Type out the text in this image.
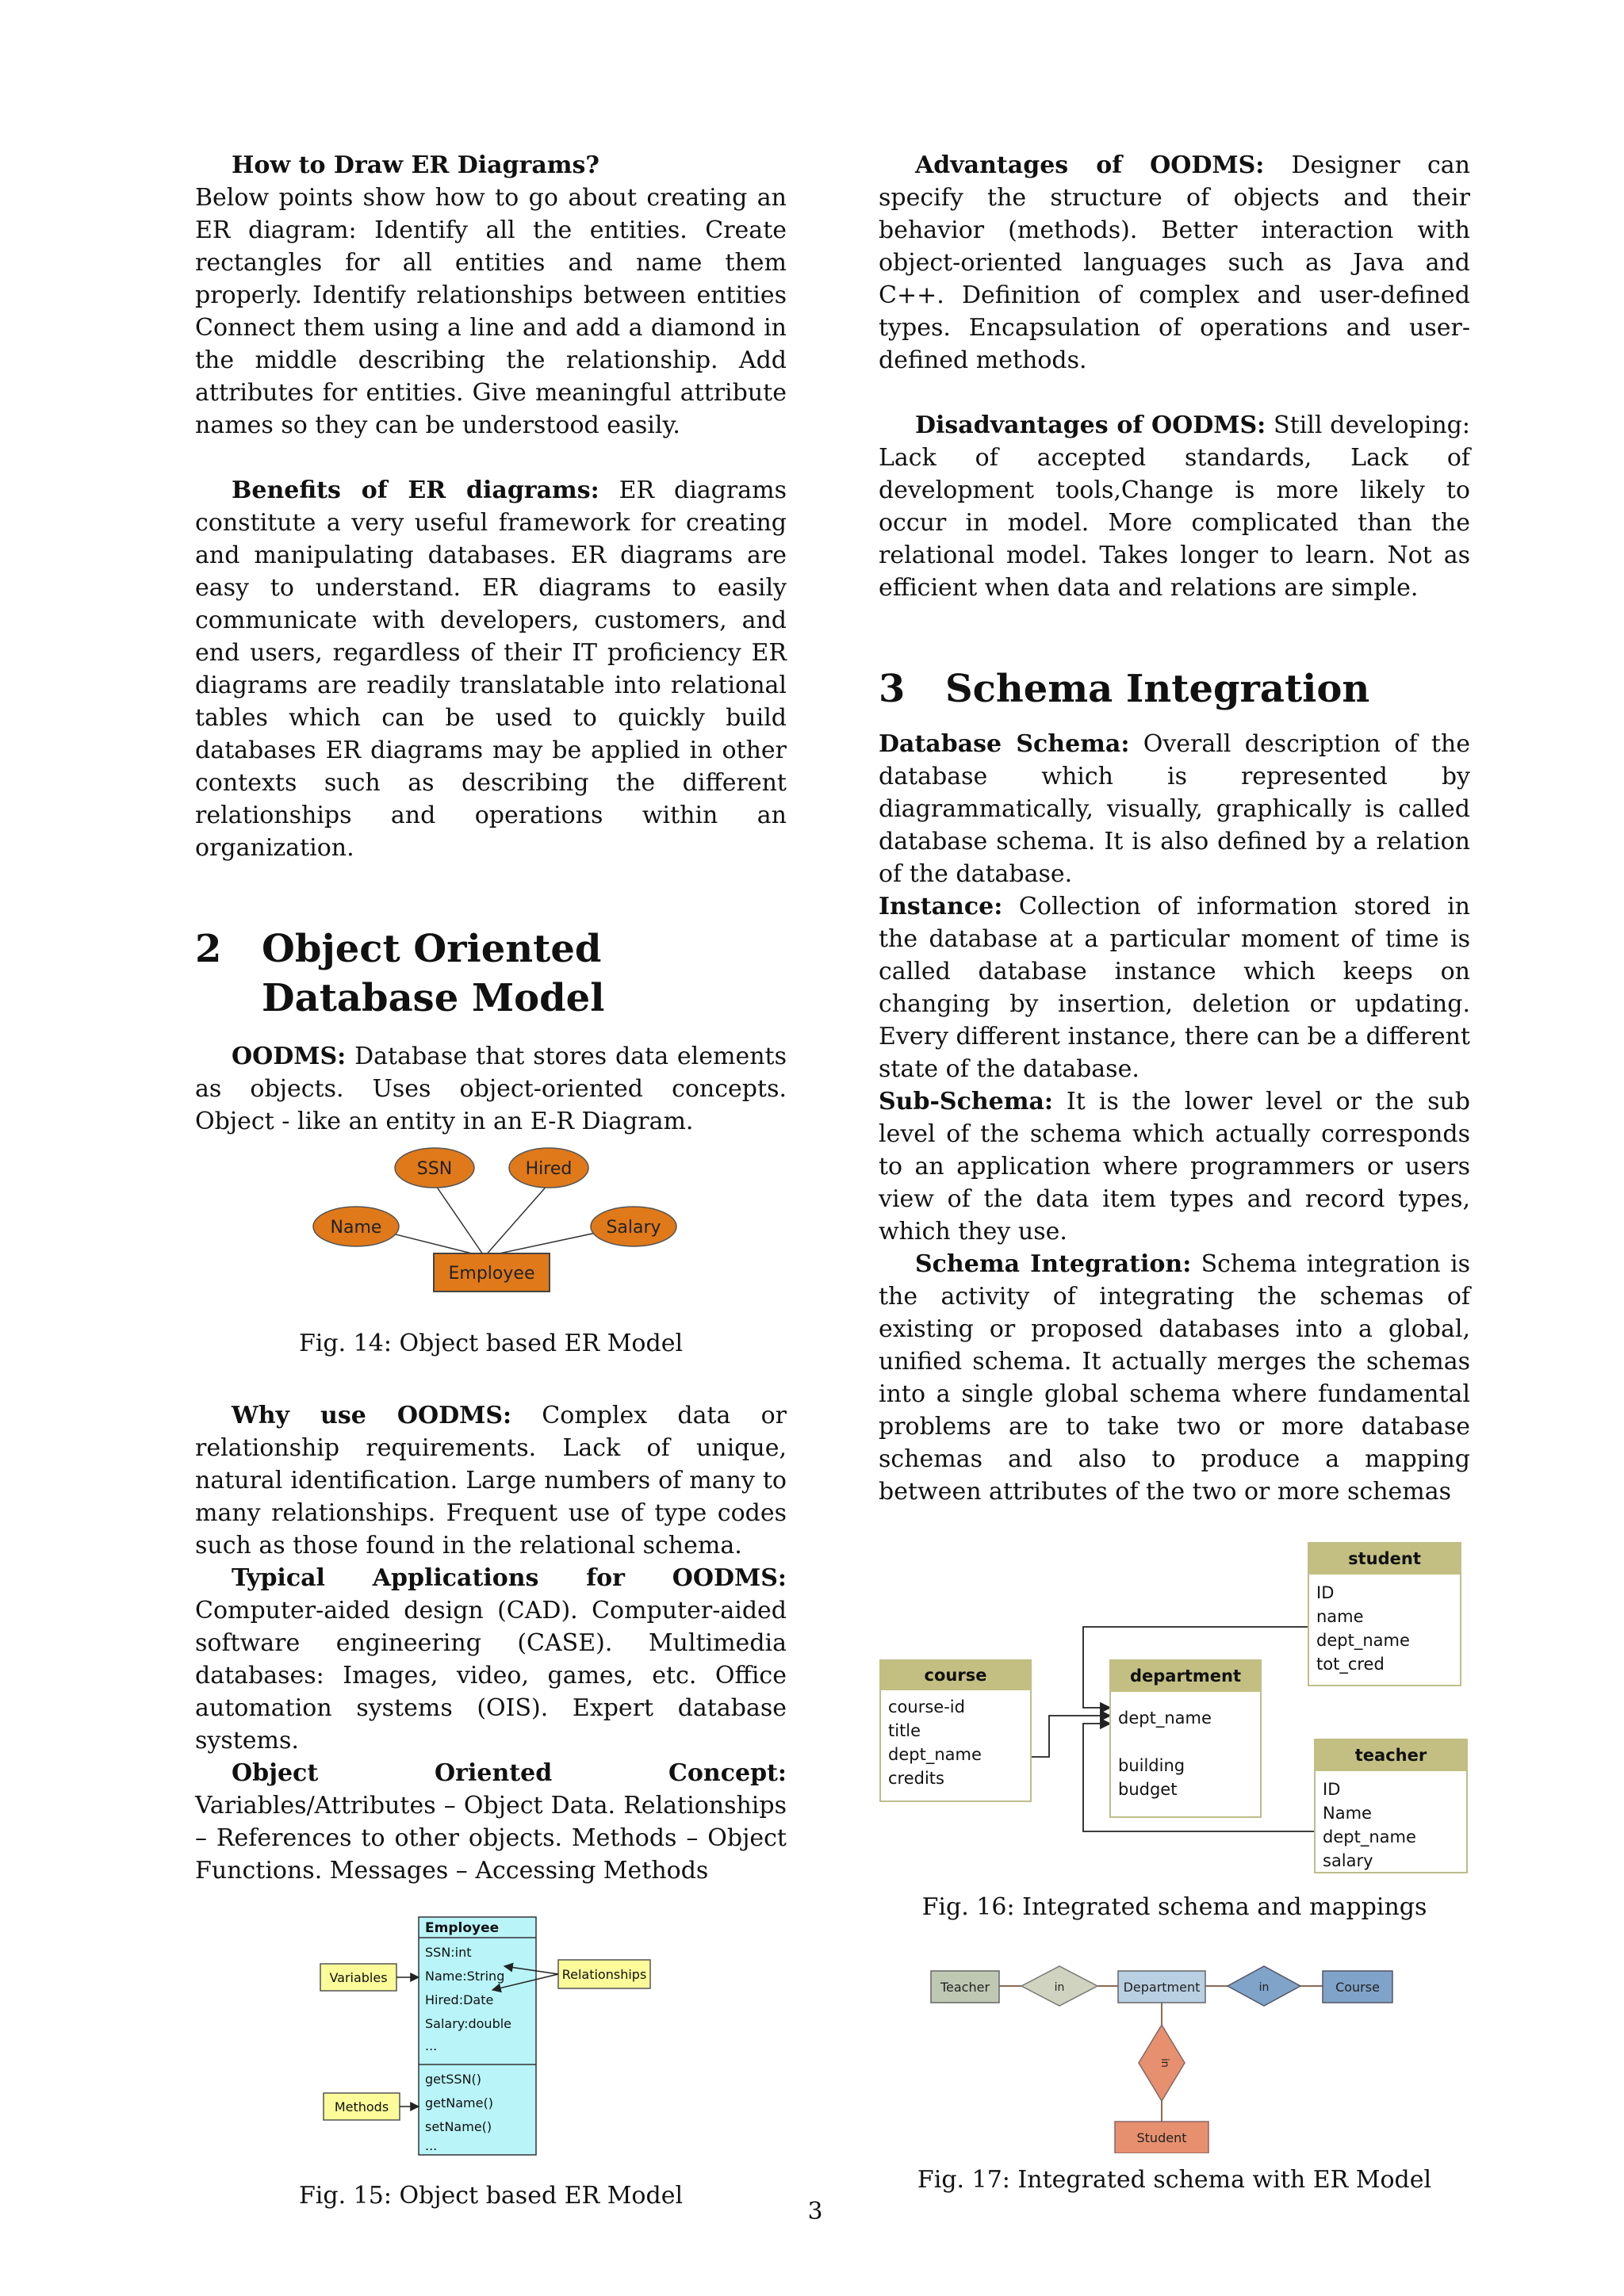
How to Draw ER Diagrams?

Below points show how to go about creating an ER diagram: Identify all the entities. Create rectangles for all entities and name them properly. Identify relationships between entities Connect them using a line and add a diamond in the middle describing the relationship. Add attributes for entities. Give meaningful attribute names so they can be understood easily.

Benefits of ER diagrams: ER diagrams constitute a very useful framework for creating and manipulating databases. ER diagrams are easy to understand. ER diagrams to easily communicate with developers, customers, and end users, regardless of their IT proficiency ER diagrams are readily translatable into relational tables which can be used to quickly build databases ER diagrams may be applied in other contexts such as describing the different relationships and operations within an organization.

2 Object Oriented Database Model

OODMS: Database that stores data elements as objects. Uses object-oriented concepts. Object - like an entity in an E-R Diagram.

SSN	Hired
Name	Salary
Employee

Fig. 14: Object based ER Model

Why use OODMS: Complex data or relationship requirements. Lack of unique, natural identification. Large numbers of many to many relationships. Frequent use of type codes such as those found in the relational schema.

Typical Applications for OODMS: Computer-aided design (CAD). Computer-aided software engineering (CASE). Multimedia databases: Images, video, games, etc. Office automation systems (OIS). Expert database systems.

Object Oriented Concept: Variables/Attributes – Object Data. Relationships – References to other objects. Methods – Object Functions. Messages – Accessing Methods

Employee
SSN:int
Name:String
Hired:Date
Salary:double
...
getSSN()
getName()
setName()
...
Variables	Relationships
Methods

Fig. 15: Object based ER Model

Advantages of OODMS: Designer can specify the structure of objects and their behavior (methods). Better interaction with object-oriented languages such as Java and C++. Definition of complex and user-defined types. Encapsulation of operations and user-defined methods.

Disadvantages of OODMS: Still developing: Lack of accepted standards, Lack of development tools,Change is more likely to occur in model. More complicated than the relational model. Takes longer to learn. Not as efficient when data and relations are simple.

3 Schema Integration

Database Schema: Overall description of the database which is represented by diagrammatically, visually, graphically is called database schema. It is also defined by a relation of the database.

Instance: Collection of information stored in the database at a particular moment of time is called database instance which keeps on changing by insertion, deletion or updating. Every different instance, there can be a different state of the database.

Sub-Schema: It is the lower level or the sub level of the schema which actually corresponds to an application where programmers or users view of the data item types and record types, which they use.

Schema Integration: Schema integration is the activity of integrating the schemas of existing or proposed databases into a global, unified schema. It actually merges the schemas into a single global schema where fundamental problems are to take two or more database schemas and also to produce a mapping between attributes of the two or more schemas

student
ID
name
dept_name
tot_cred
course
course-id
title
dept_name
credits
department
dept_name
building
budget
teacher
ID
Name
dept_name
salary

Fig. 16: Integrated schema and mappings

Teacher	in	Department	in	Course
in
Student

Fig. 17: Integrated schema with ER Model

3
